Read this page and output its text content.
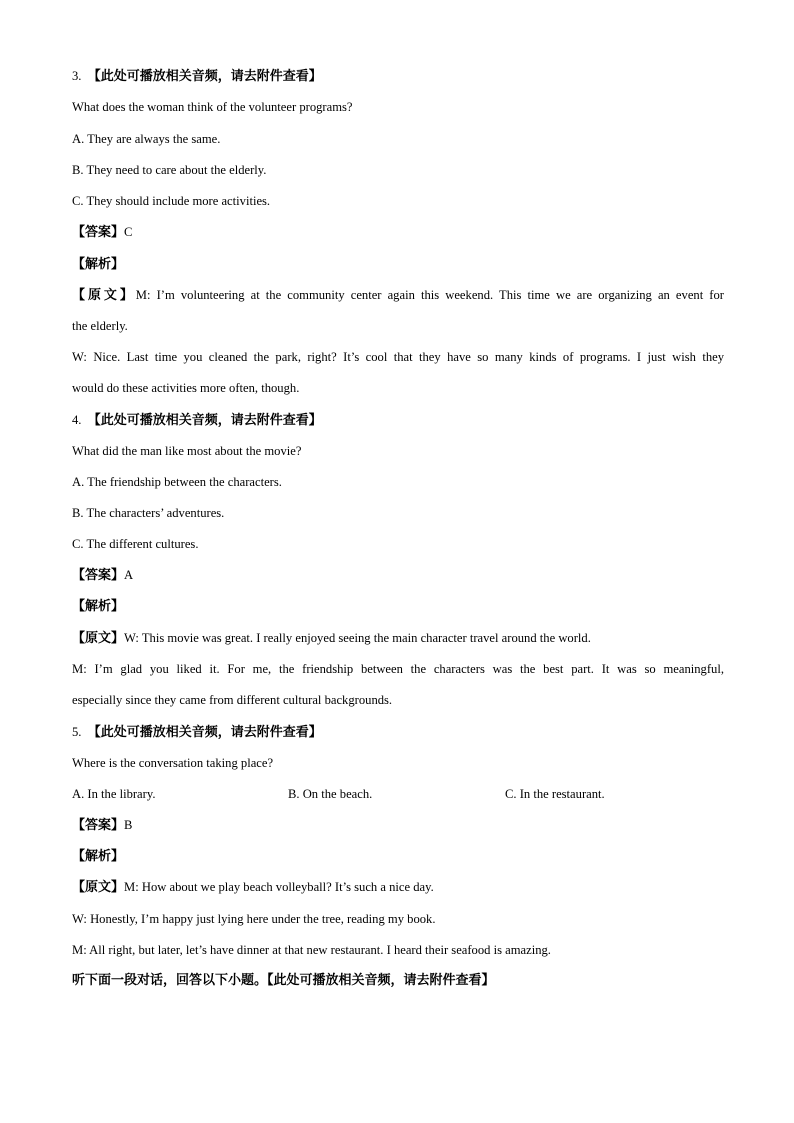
3. 【此处可播放相关音频，请去附件查看】
What does the woman think of the volunteer programs?
A. They are always the same.
B. They need to care about the elderly.
C. They should include more activities.
【答案】C
【解析】
【原文】M: I’m volunteering at the community center again this weekend. This time we are organizing an event for
the elderly.
W: Nice. Last time you cleaned the park, right? It’s cool that they have so many kinds of programs. I just wish they
would do these activities more often, though.
4. 【此处可播放相关音频，请去附件查看】
What did the man like most about the movie?
A. The friendship between the characters.
B. The characters’ adventures.
C. The different cultures.
【答案】A
【解析】
【原文】W: This movie was great. I really enjoyed seeing the main character travel around the world.
M: I’m glad you liked it. For me, the friendship between the characters was the best part. It was so meaningful,
especially since they came from different cultural backgrounds.
5. 【此处可播放相关音频，请去附件查看】
Where is the conversation taking place?
A. In the library.	B. On the beach.	C. In the restaurant.
【答案】B
【解析】
【原文】M: How about we play beach volleyball? It’s such a nice day.
W: Honestly, I’m happy just lying here under the tree, reading my book.
M: All right, but later, let’s have dinner at that new restaurant. I heard their seafood is amazing.
听下面一段对话，回答以下小题。【此处可播放相关音频，请去附件查看】
